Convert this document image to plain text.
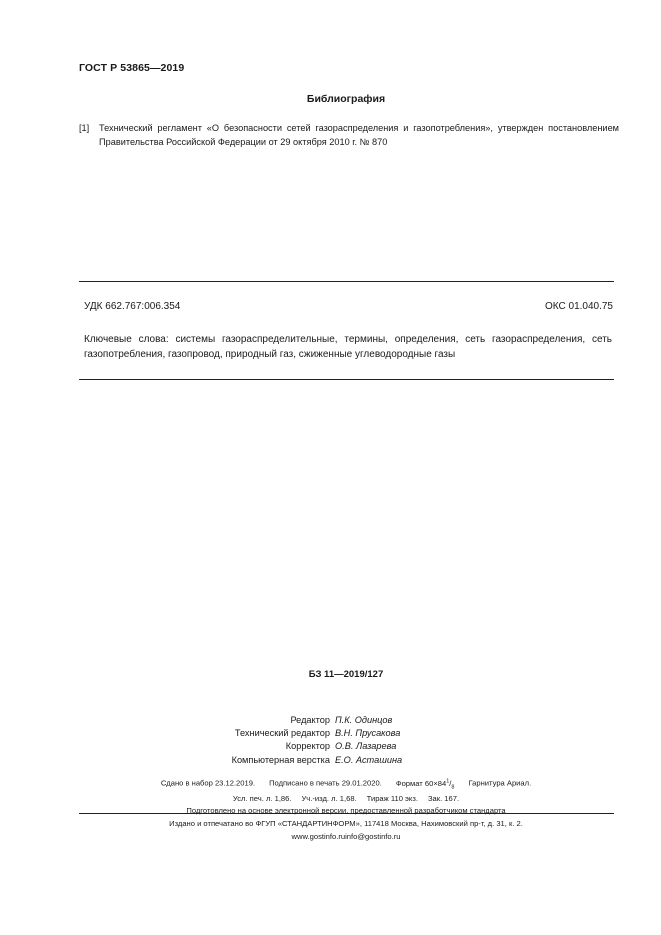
ГОСТ Р 53865—2019
Библиография
[1] Технический регламент «О безопасности сетей газораспределения и газопотребления», утвержден постановлением Правительства Российской Федерации от 29 октября 2010 г. № 870
УДК 662.767:006.354	ОКС 01.040.75
Ключевые слова: системы газораспределительные, термины, определения, сеть газораспределения, сеть газопотребления, газопровод, природный газ, сжиженные углеводородные газы
БЗ 11—2019/127
Редактор П.К. Одинцов
Технический редактор В.Н. Прусакова
Корректор О.В. Лазарева
Компьютерная верстка Е.О. Асташина
Сдано в набор 23.12.2019. Подписано в печать 29.01.2020. Формат $60\times 84^1/_8$ Гарнитура Ариал.
Усл. печ. л. 1,86. Уч.-изд. л. 1,68. Тираж 110 экз. Зак. 167.
Подготовлено на основе электронной версии, предоставленной разработчиком стандарта
Издано и отпечатано во ФГУП «СТАНДАРТИНФОРМ», 117418 Москва, Нахимовский пр-т, д. 31, к. 2.
www.gostinfo.ruinfo@gostinfo.ru
